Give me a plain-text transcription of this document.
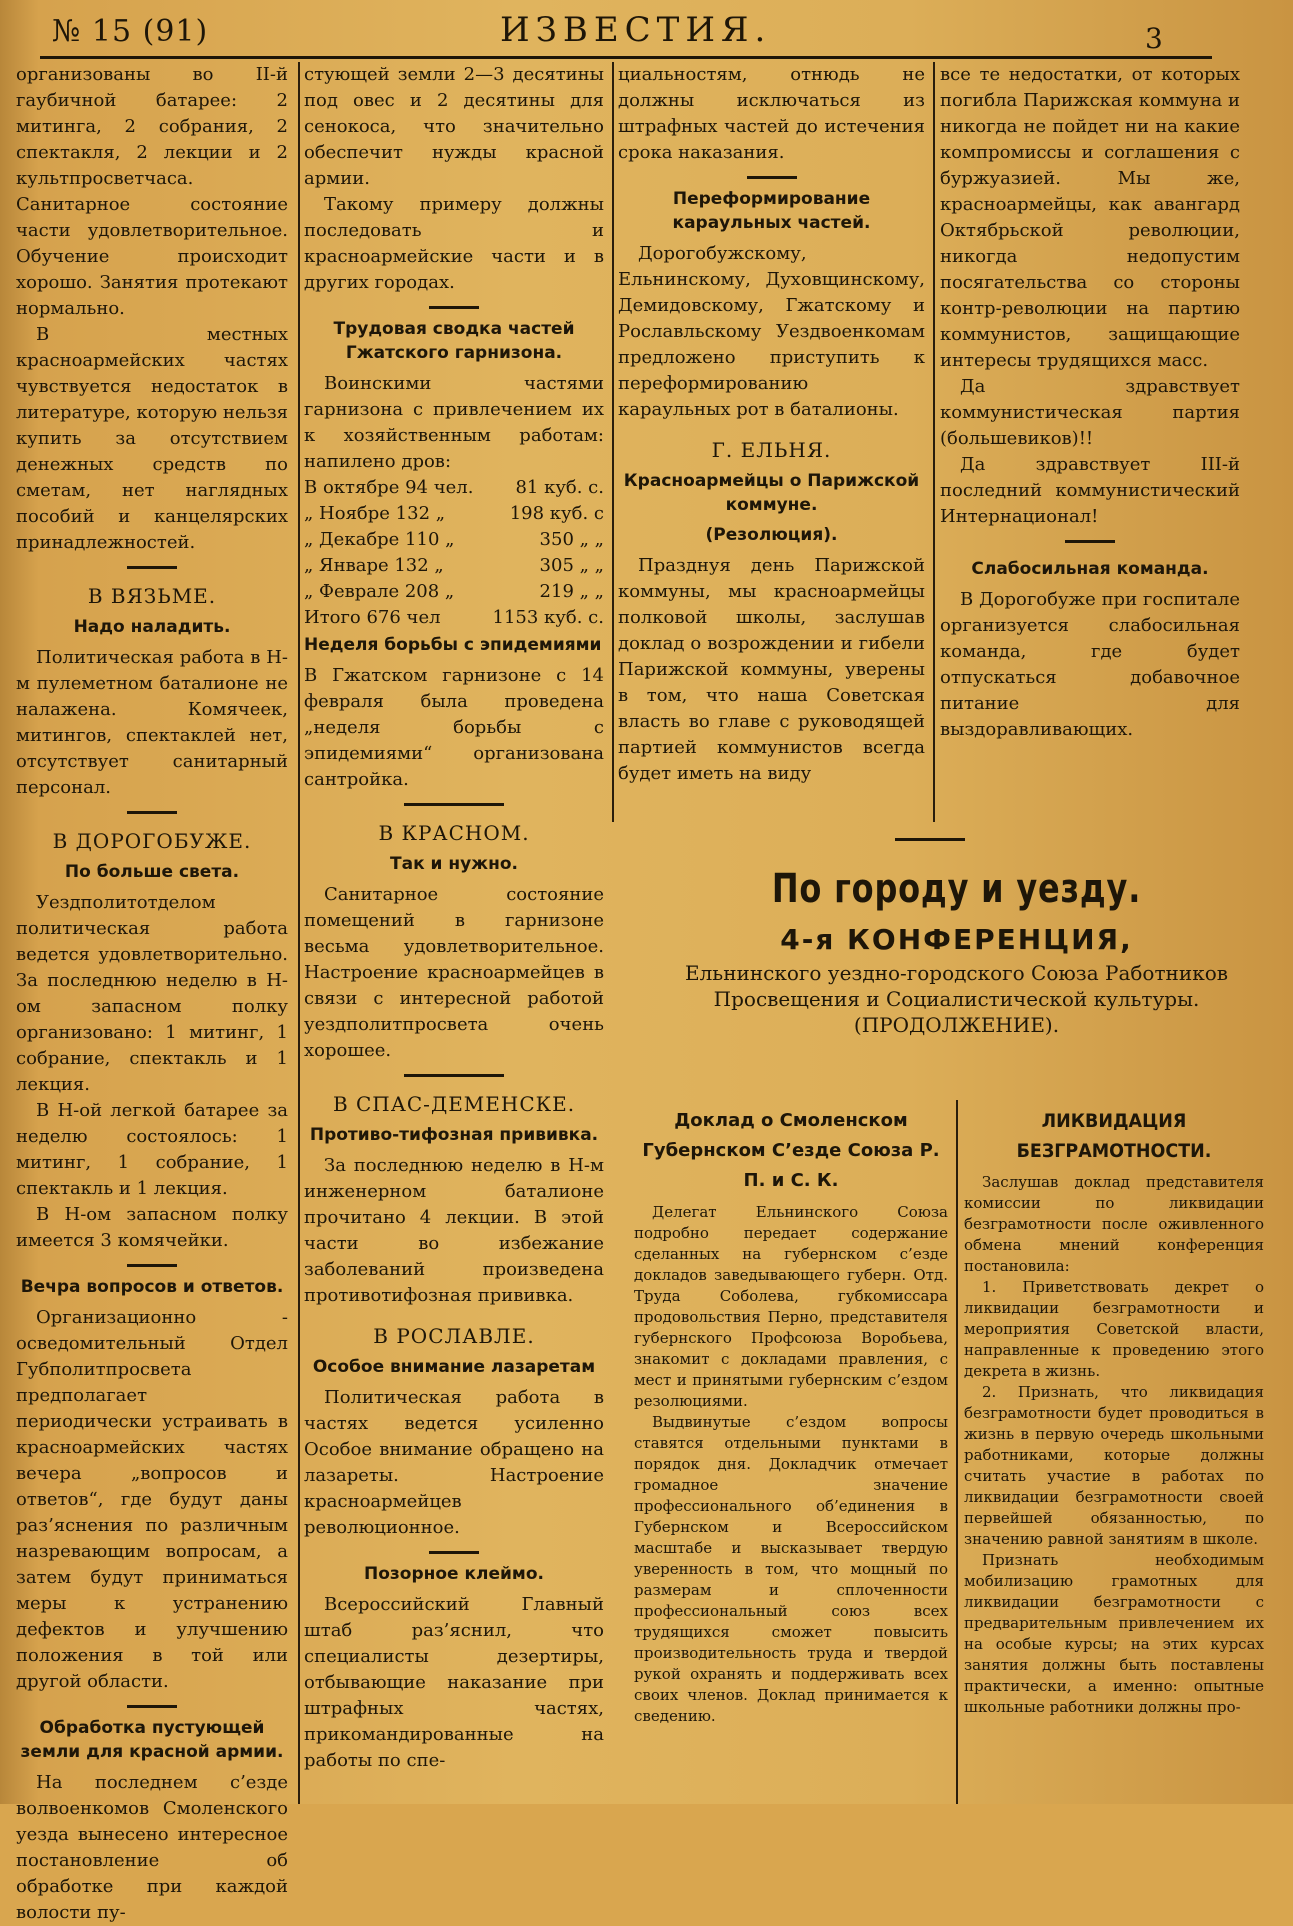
№ 15 (91)	ИЗВЕСТИЯ.	3

организованы во II-й гаубичной батарее: 2 митинга, 2 собрания, 2 спектакля, 2 лекции и 2 культпросветчаса. Санитарное состояние части удовлетворительное. Обучение происходит хорошо. Занятия протекают нормально.

В местных красноармейских частях чувствуется недостаток в литературе, которую нельзя купить за отсутствием денежных средств по сметам, нет наглядных пособий и канцелярских принадлежностей.

В ВЯЗЬМЕ.
Надо наладить.

Политическая работа в Н-м пулеметном баталионе не налажена. Комячеек, митингов, спектаклей нет, отсутствует санитарный персонал.

В ДОРОГОБУЖЕ.
По больше света.

Уездполитотделом политическая работа ведется удовлетворительно. За последнюю неделю в Н-ом запасном полку организовано: 1 митинг, 1 собрание, спектакль и 1 лекция.

В Н-ой легкой батарее за неделю состоялось: 1 митинг, 1 собрание, 1 спектакль и 1 лекция.

В Н-ом запасном полку имеется 3 комячейки.

Вечра вопросов и ответов.

Организационно - осведомительный Отдел Губполитпросвета предполагает периодически устраивать в красноармейских частях вечера „вопросов и ответов“, где будут даны раз’яснения по различным назревающим вопросам, а затем будут приниматься меры к устранению дефектов и улучшению положения в той или другой области.

Обработка пустующей земли для красной армии.

На последнем с’езде волвоенкомов Смоленского уезда вынесено интересное постановление об обработке при каждой волости пу-

стующей земли 2—3 десятины под овес и 2 десятины для сенокоса, что значительно обеспечит нужды красной армии.

Такому примеру должны последовать и красноармейские части и в других городах.

Трудовая сводка частей Гжатского гарнизона.

Воинскими частями гарнизона с привлечением их к хозяйственным работам: напилено дров:

В октябре 94 чел. 81 куб. с.
„ Ноябре 132 „	198 куб. с
„ Декабре 110 „	350 „ „
„ Январе 132 „	305 „ „
„ Феврале 208 „	219 „ „
Итого 676 чел	1153 куб. с.
Неделя борьбы с эпидемиями

В Гжатском гарнизоне с 14 февраля была проведена „неделя борьбы с эпидемиями“ организована сантройка.

В КРАСНОМ.
Так и нужно.

Санитарное состояние помещений в гарнизоне весьма удовлетворительное. Настроение красноармейцев в связи с интересной работой уездполитпросвета очень хорошее.

В СПАС-ДЕМЕНСКЕ.
Противо-тифозная прививка.

За последнюю неделю в Н-м инженерном баталионе прочитано 4 лекции. В этой части во избежание заболеваний произведена противотифозная прививка.

В РОСЛАВЛЕ.
Особое внимание лазаретам

Политическая работа в частях ведется усиленно Особое внимание обращено на лазареты. Настроение красноармейцев революционное.

Позорное клеймо.

Всероссийский Главный штаб раз’яснил, что специалисты дезертиры, отбывающие наказание при штрафных частях, прикомандированные на работы по спе-

циальностям, отнюдь не должны исключаться из штрафных частей до истечения срока наказания.

Переформирование караульных частей.

Дорогобужскому, Ельнинскому, Духовщинскому, Демидовскому, Гжатскому и Рославльскому Уездвоенкомам предложено приступить к переформированию караульных рот в баталионы.

Г. ЕЛЬНЯ.
Красноармейцы о Парижской коммуне.
(Резолюция).

Празднуя день Парижской коммуны, мы красноармейцы полковой школы, заслушав доклад о возрождении и гибели Парижской коммуны, уверены в том, что наша Советская власть во главе с руководящей партией коммунистов всегда будет иметь на виду

все те недостатки, от которых погибла Парижская коммуна и никогда не пойдет ни на какие компромиссы и соглашения с буржуазией. Мы же, красноармейцы, как авангард Октябрьской революции, никогда недопустим посягательства со стороны контр-революции на партию коммунистов, защищающие интересы трудящихся масс.

Да здравствует коммунистическая партия (большевиков)!!

Да здравствует III-й последний коммунистический Интернационал!

Слабосильная команда.

В Дорогобуже при госпитале организуется слабосильная команда, где будет отпускаться добавочное питание для выздоравливающих.

По городу и уезду.
4-я КОНФЕРЕНЦИЯ,
Ельнинского уездно-городского Союза Работников Просвещения и Социалистической культуры.
(ПРОДОЛЖЕНИЕ).
Доклад о Смоленском Губернском С’езде Союза Р. П. и С. К.

Делегат Ельнинского Союза подробно передает содержание сделанных на губернском с’езде докладов заведывающего губерн. Отд. Труда Соболева, губкомиссара продовольствия Перно, представителя губернского Профсоюза Воробьева, знакомит с докладами правления, с мест и принятыми губернским с’ездом резолюциями.

Выдвинутые с’ездом вопросы ставятся отдельными пунктами в порядок дня. Докладчик отмечает громадное значение профессионального об’единения в Губернском и Всероссийском масштабе и высказывает твердую уверенность в том, что мощный по размерам и сплоченности профессиональный союз всех трудящихся сможет повысить производительность труда и твердой рукой охранять и поддерживать всех своих членов. Доклад принимается к сведению.

ЛИКВИДАЦИЯ БЕЗГРАМОТНОСТИ.

Заслушав доклад представителя комиссии по ликвидации безграмотности после оживленного обмена мнений конференция постановила:

1. Приветствовать декрет о ликвидации безграмотности и мероприятия Советской власти, направленные к проведению этого декрета в жизнь.

2. Признать, что ликвидация безграмотности будет проводиться в жизнь в первую очередь школьными работниками, которые должны считать участие в работах по ликвидации безграмотности своей первейшей обязанностью, по значению равной занятиям в школе.

Признать необходимым мобилизацию грамотных для ликвидации безграмотности с предварительным привлечением их на особые курсы; на этих курсах занятия должны быть поставлены практически, а именно: опытные школьные работники должны про-
